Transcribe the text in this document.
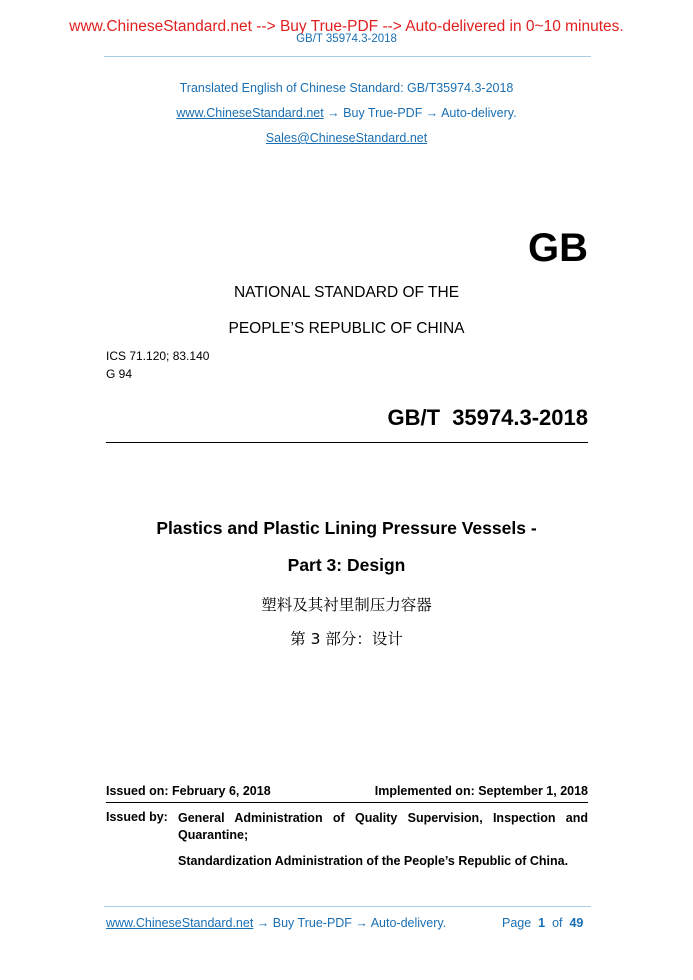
www.ChineseStandard.net --> Buy True-PDF --> Auto-delivered in 0~10 minutes.
GB/T 35974.3-2018
Translated English of Chinese Standard: GB/T35974.3-2018
www.ChineseStandard.net → Buy True-PDF → Auto-delivery.
Sales@ChineseStandard.net
GB
NATIONAL STANDARD OF THE
PEOPLE’S REPUBLIC OF CHINA
ICS 71.120; 83.140
G 94
GB/T 35974.3-2018
Plastics and Plastic Lining Pressure Vessels -
Part 3: Design
塑料及其衬里制压力容器
第 3 部分：设计
Issued on: February 6, 2018	Implemented on: September 1, 2018
Issued by: General Administration of Quality Supervision, Inspection and Quarantine;
Standardization Administration of the People’s Republic of China.
www.ChineseStandard.net → Buy True-PDF → Auto-delivery.	Page 1 of 49
